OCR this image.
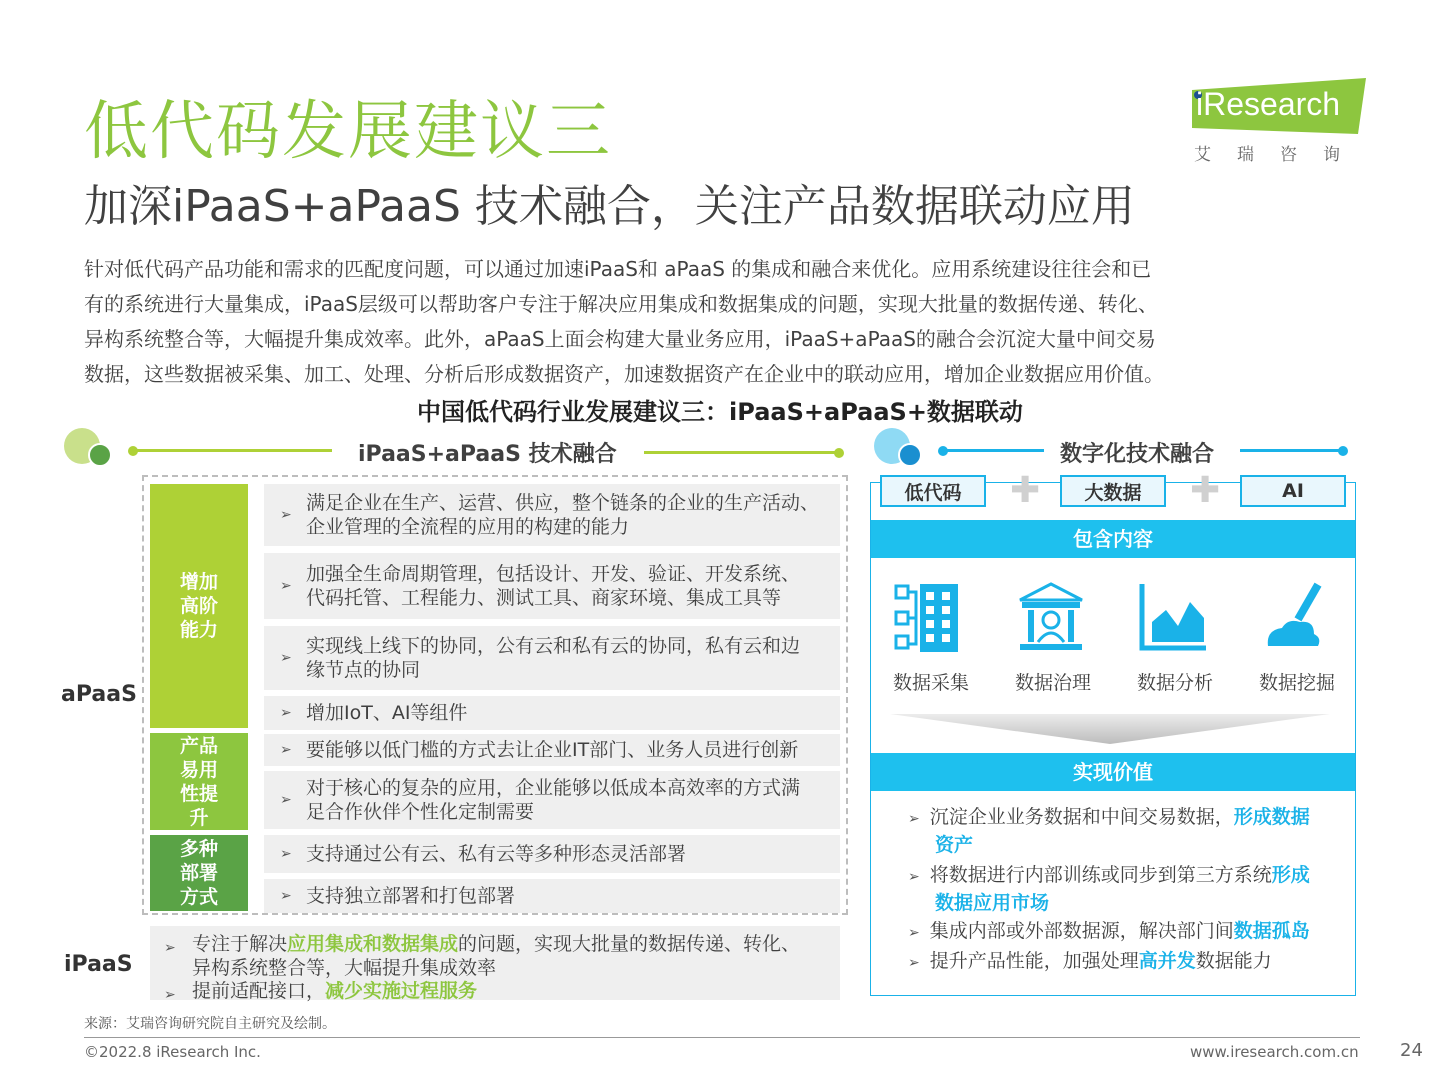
低代码发展建议三
加深iPaaS+aPaaS 技术融合，关注产品数据联动应用

针对低代码产品功能和需求的匹配度问题，可以通过加速iPaaS和 aPaaS 的集成和融合来优化。应用系统建设往往会和已

有的系统进行大量集成，iPaaS层级可以帮助客户专注于解决应用集成和数据集成的问题，实现大批量的数据传递、转化、

异构系统整合等，大幅提升集成效率。此外，aPaaS上面会构建大量业务应用，iPaaS+aPaaS的融合会沉淀大量中间交易

数据，这些数据被采集、加工、处理、分析后形成数据资产，加速数据资产在企业中的联动应用，增加企业数据应用价值。

iResearch
艾瑞咨询
中国低代码行业发展建议三：iPaaS+aPaaS+数据联动
iPaaS+aPaaS 技术融合
aPaaS
iPaaS
增加
高阶
能力
产品
易用
性提
升
多种
部署
方式
➢
满足企业在生产、运营、供应，整个链条的企业的生产活动、
企业管理的全流程的应用的构建的能力
➢
加强全生命周期管理，包括设计、开发、验证、开发系统、
代码托管、工程能力、测试工具、商家环境、集成工具等
➢
实现线上线下的协同，公有云和私有云的协同，私有云和边
缘节点的协同
➢ 增加IoT、AI等组件
➢ 要能够以低门槛的方式去让企业IT部门、业务人员进行创新
➢
对于核心的复杂的应用，企业能够以低成本高效率的方式满
足合作伙伴个性化定制需要
➢ 支持通过公有云、私有云等多种形态灵活部署
➢ 支持独立部署和打包部署
➢ 专注于解决应用集成和数据集成的问题，实现大批量的数据传递、转化、
异构系统整合等，大幅提升集成效率
➢ 提前适配接口，减少实施过程服务
数字化技术融合
低代码	✚	大数据	✚	AI
包含内容
数据采集	数据治理	数据分析	数据挖掘
实现价值
➢ 沉淀企业业务数据和中间交易数据，形成数据
资产
➢ 将数据进行内部训练或同步到第三方系统形成
数据应用市场
➢ 集成内部或外部数据源，解决部门间数据孤岛
➢ 提升产品性能，加强处理高并发数据能力
来源：艾瑞咨询研究院自主研究及绘制。
©2022.8 iResearch Inc.	www.iresearch.com.cn 24
